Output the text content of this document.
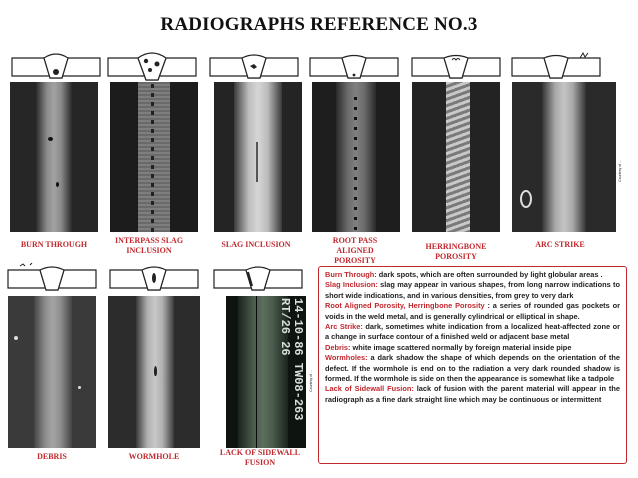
RADIOGRAPHS REFERENCE NO.3
Courtesy of ...
BURN THROUGH	INTERPASS SLAG INCLUSION
SLAG INCLUSION	ROOT PASS ALIGNED POROSITY
HERRINGBONE POROSITY
ARC STRIKE
14-10-86 TW08-263 RT/26 26
Courtesy of ...
DEBRIS	WORMHOLE	LACK OF SIDEWALL FUSION
Burn Through: dark spots, which are often surrounded by light globular areas .
Slag Inclusion: slag may appear in various shapes, from long narrow indications to short wide indications, and in various densities, from grey to very dark
Root Aligned Porosity, Herringbone Porosity : a series of rounded gas pockets or voids in the weld metal, and is generally cylindrical or elliptical in shape.
Arc Strike: dark, sometimes white indication from a localized heat-affected zone or a change in surface contour of a finished weld or adjacent base metal
Debris: white image scattered normally by foreign material inside pipe
Wormholes: a dark shadow the shape of which depends on the orientation of the defect. If the wormhole is end on to the radiation a very dark rounded shadow is formed. If the wormhole is side on then the appearance is somewhat like a tadpole
Lack of Sidewall Fusion: lack of fusion with the parent material will appear in the radiograph as a fine dark straight line which may be continuous or intermittent
